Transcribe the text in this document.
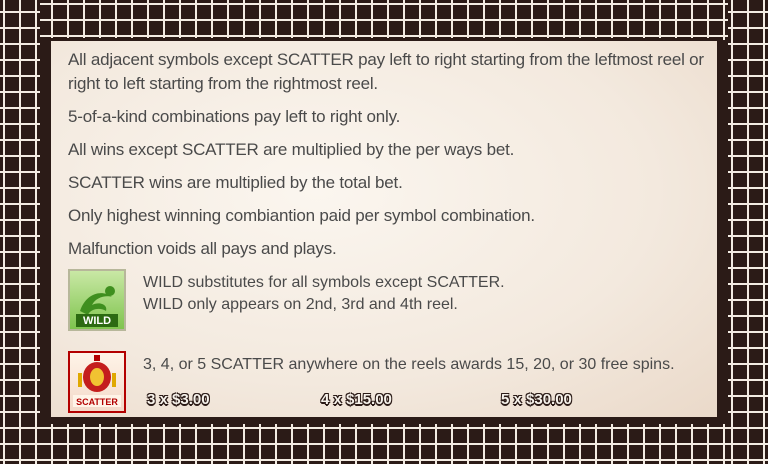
All adjacent symbols except SCATTER pay left to right starting from the leftmost reel or right to left starting from the rightmost reel.

5-of-a-kind combinations pay left to right only.

All wins except SCATTER are multiplied by the per ways bet.

SCATTER wins are multiplied by the total bet.

Only highest winning combiantion paid per symbol combination.

Malfunction voids all pays and plays.

WILD
WILD substitutes for all symbols except SCATTER.
WILD only appears on 2nd, 3rd and 4th reel.
SCATTER
3, 4, or 5 SCATTER anywhere on the reels awards 15, 20, or 30 free spins.
3 x $3.00	4 x $15.00	5 x $30.00
